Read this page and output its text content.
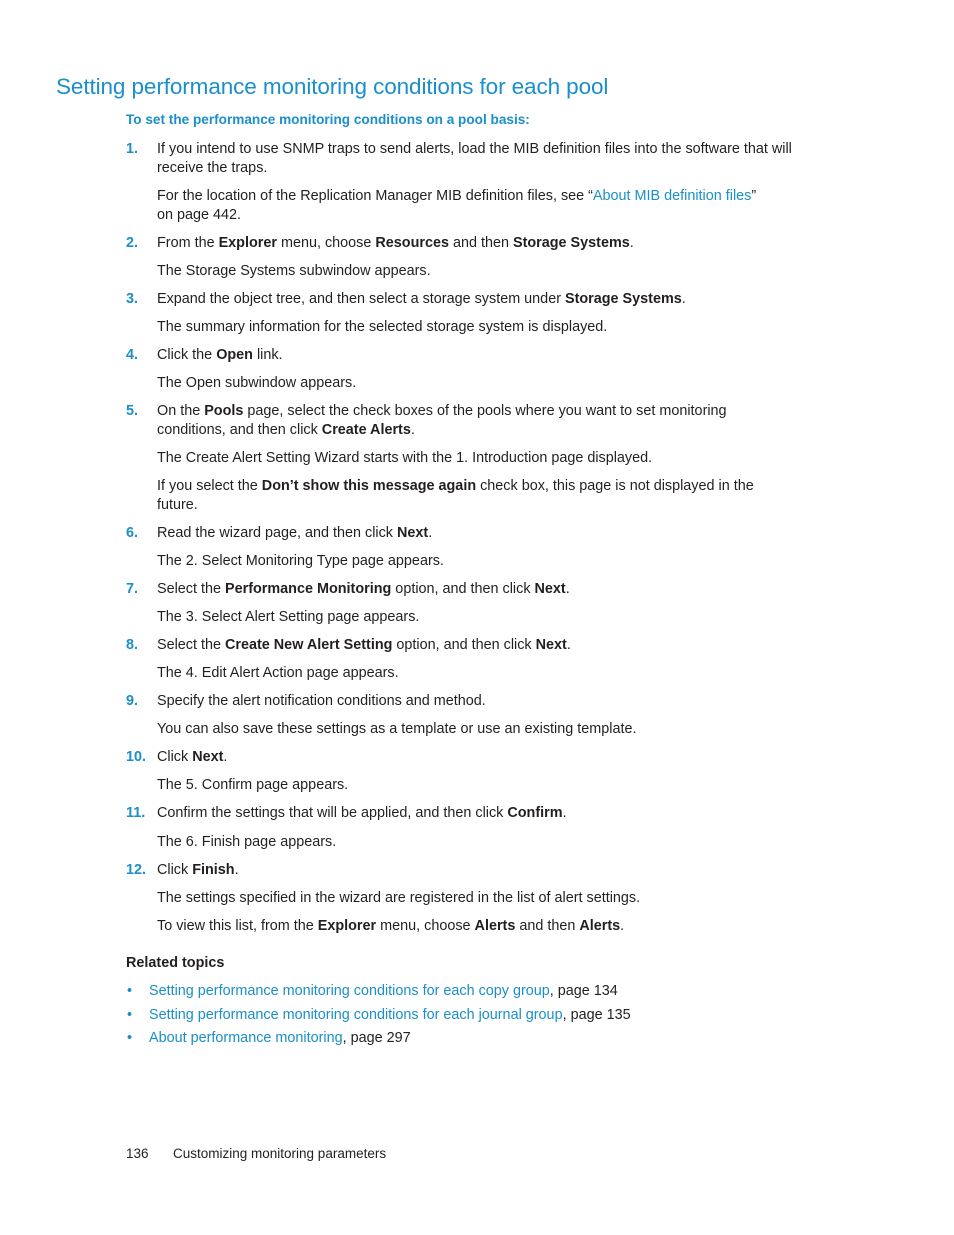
Setting performance monitoring conditions for each pool
To set the performance monitoring conditions on a pool basis:
1. If you intend to use SNMP traps to send alerts, load the MIB definition files into the software that will receive the traps.
For the location of the Replication Manager MIB definition files, see “About MIB definition files” on page 442.
2. From the Explorer menu, choose Resources and then Storage Systems.
The Storage Systems subwindow appears.
3. Expand the object tree, and then select a storage system under Storage Systems.
The summary information for the selected storage system is displayed.
4. Click the Open link.
The Open subwindow appears.
5. On the Pools page, select the check boxes of the pools where you want to set monitoring conditions, and then click Create Alerts.
The Create Alert Setting Wizard starts with the 1. Introduction page displayed.
If you select the Don’t show this message again check box, this page is not displayed in the future.
6. Read the wizard page, and then click Next.
The 2. Select Monitoring Type page appears.
7. Select the Performance Monitoring option, and then click Next.
The 3. Select Alert Setting page appears.
8. Select the Create New Alert Setting option, and then click Next.
The 4. Edit Alert Action page appears.
9. Specify the alert notification conditions and method.
You can also save these settings as a template or use an existing template.
10. Click Next.
The 5. Confirm page appears.
11. Confirm the settings that will be applied, and then click Confirm.
The 6. Finish page appears.
12. Click Finish.
The settings specified in the wizard are registered in the list of alert settings.
To view this list, from the Explorer menu, choose Alerts and then Alerts.
Related topics
• Setting performance monitoring conditions for each copy group, page 134
• Setting performance monitoring conditions for each journal group, page 135
• About performance monitoring, page 297
136 Customizing monitoring parameters
